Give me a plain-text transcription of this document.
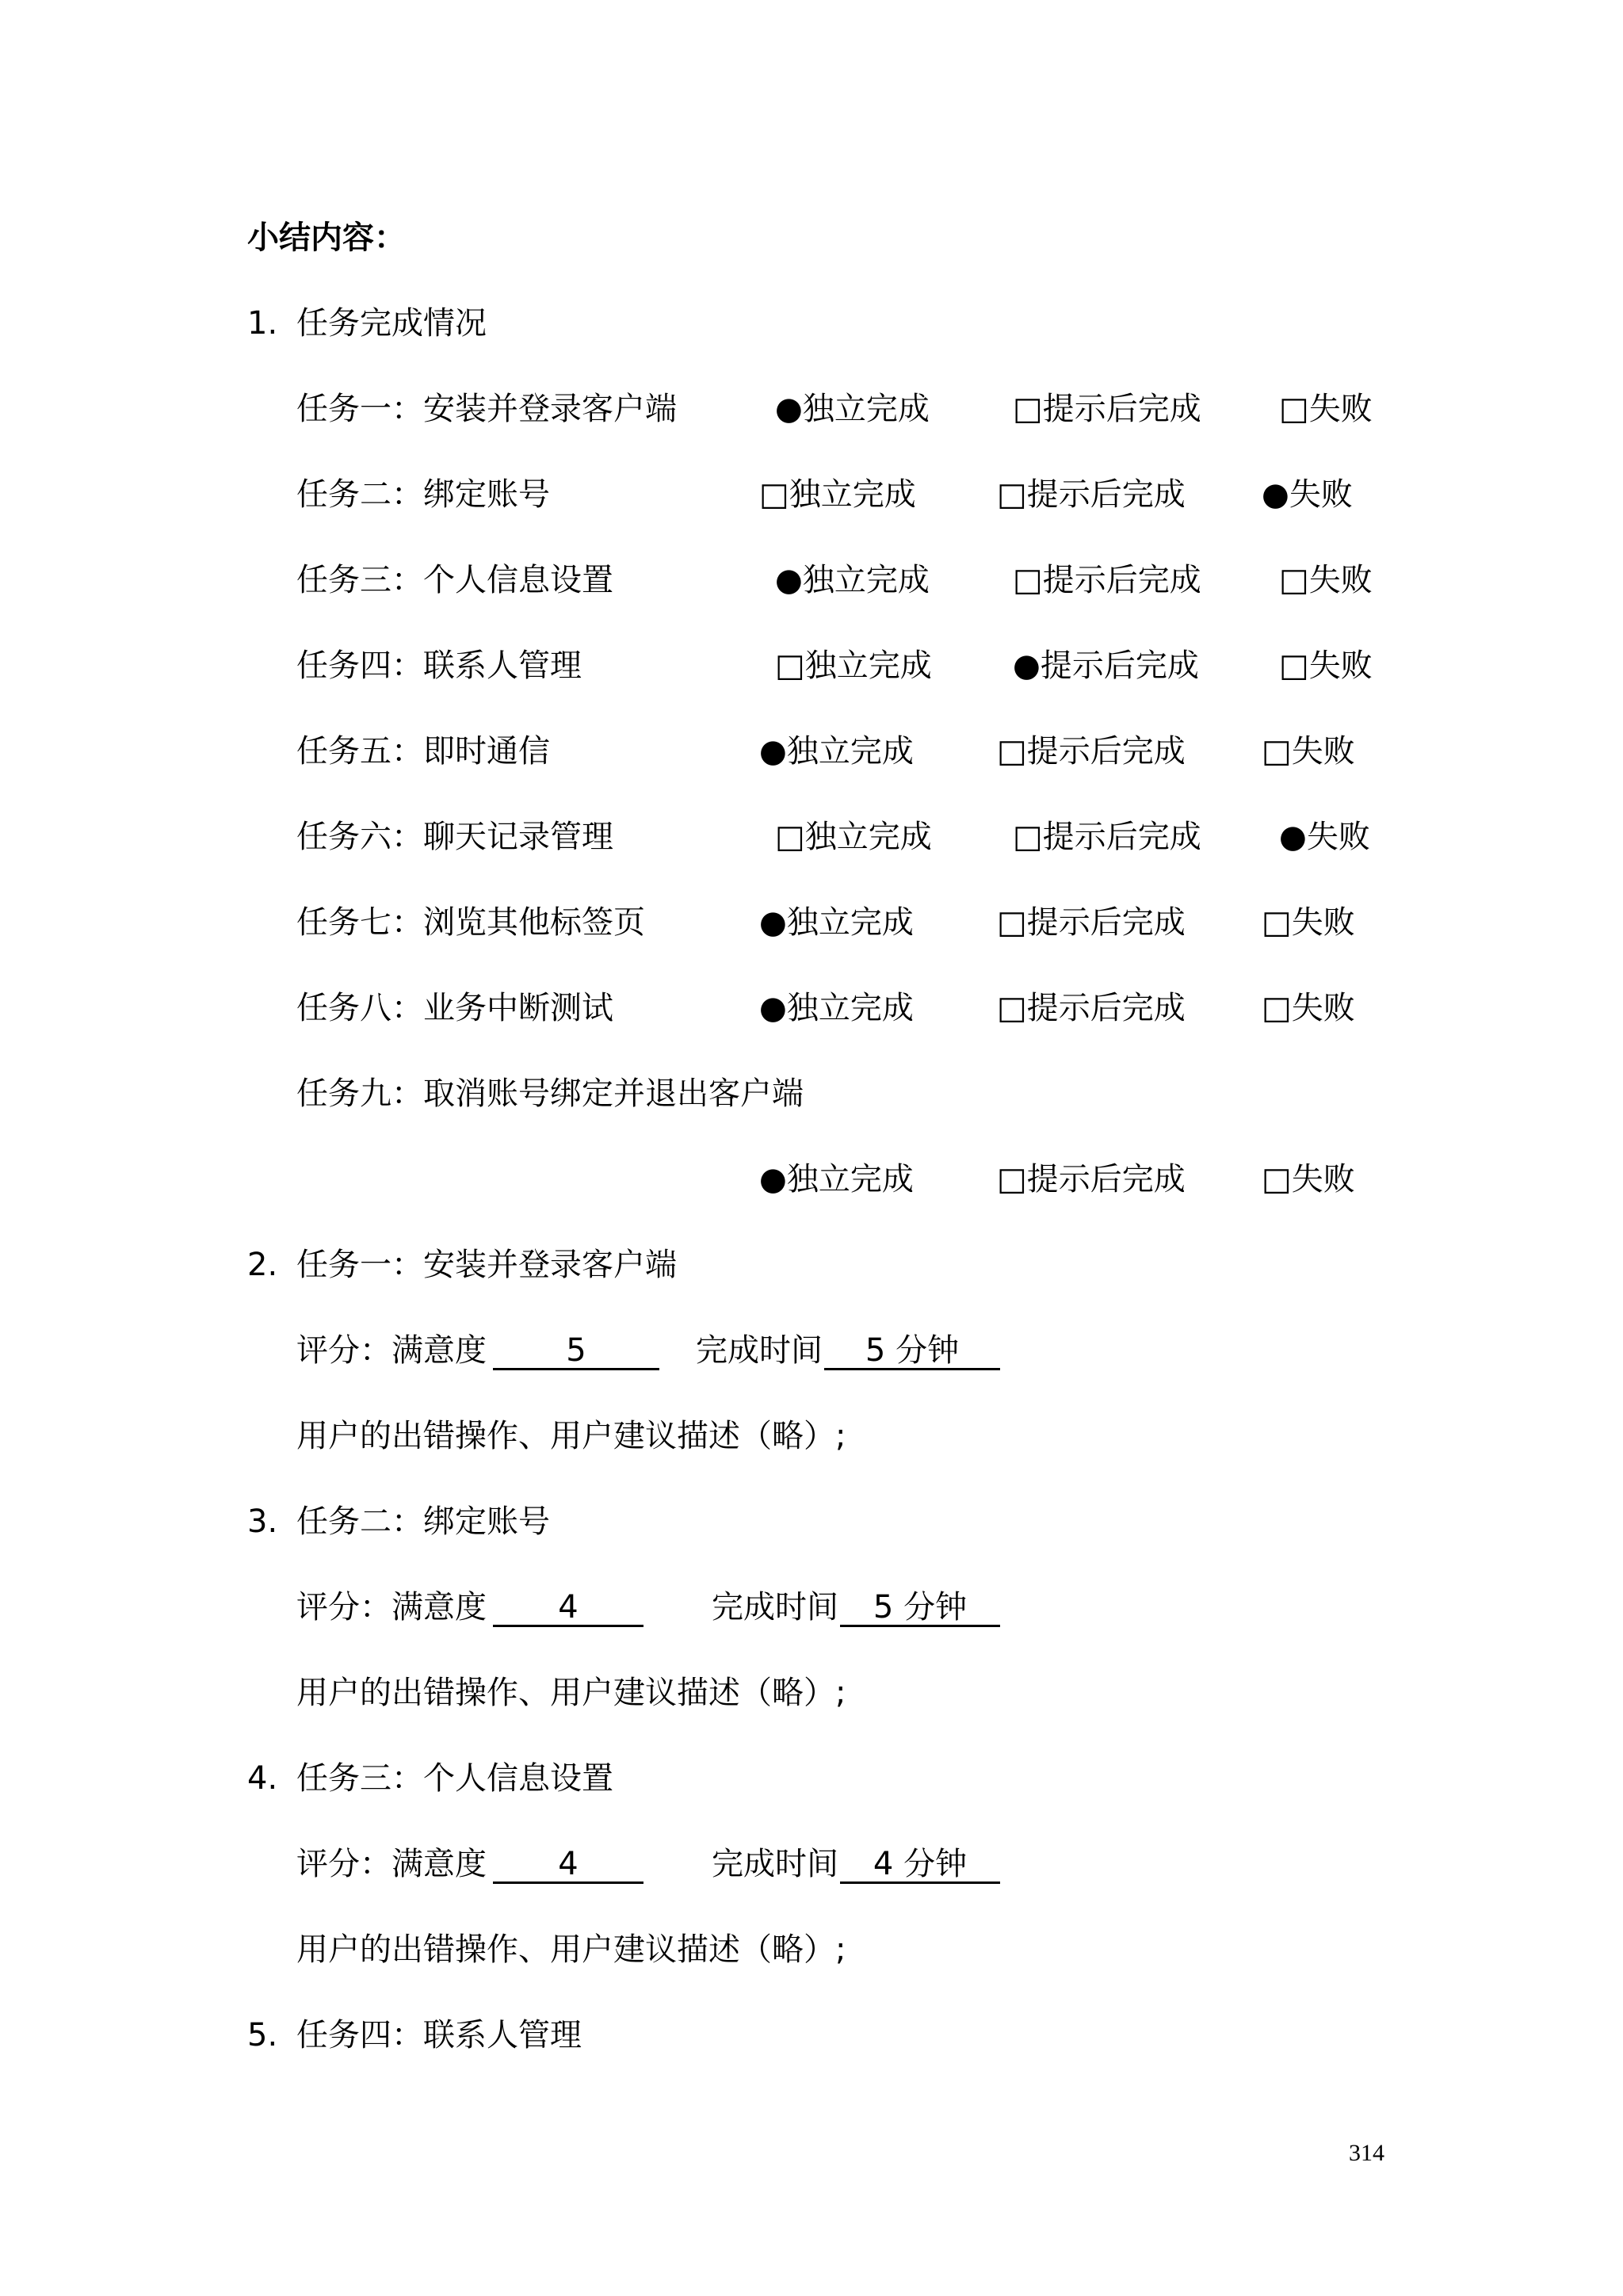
小结内容：
1. 任务完成情况
任务一：安装并登录客户端	●独立完成	□提示后完成 □失败
任务二：绑定账号	□独立完成	□提示后完成 ●失败
任务三：个人信息设置	●独立完成	□提示后完成 □失败
任务四：联系人管理	□独立完成	●提示后完成	□失败
任务五：即时通信	●独立完成	□提示后完成 □失败
任务六：聊天记录管理	□独立完成	□提示后完成 ●失败
任务七：浏览其他标签页	●独立完成	□提示后完成 □失败
任务八：业务中断测试	●独立完成	□提示后完成 □失败
任务九：取消账号绑定并退出客户端
●独立完成	□提示后完成 □失败
2. 任务一：安装并登录客户端
评分：满意度	5	完成时间	5 分钟
用户的出错操作、用户建议描述（略）;
3. 任务二：绑定账号
评分：满意度	4	完成时间	5 分钟
用户的出错操作、用户建议描述（略）;
4. 任务三：个人信息设置
评分：满意度	4	完成时间	4 分钟
用户的出错操作、用户建议描述（略）;
5. 任务四：联系人管理
314
